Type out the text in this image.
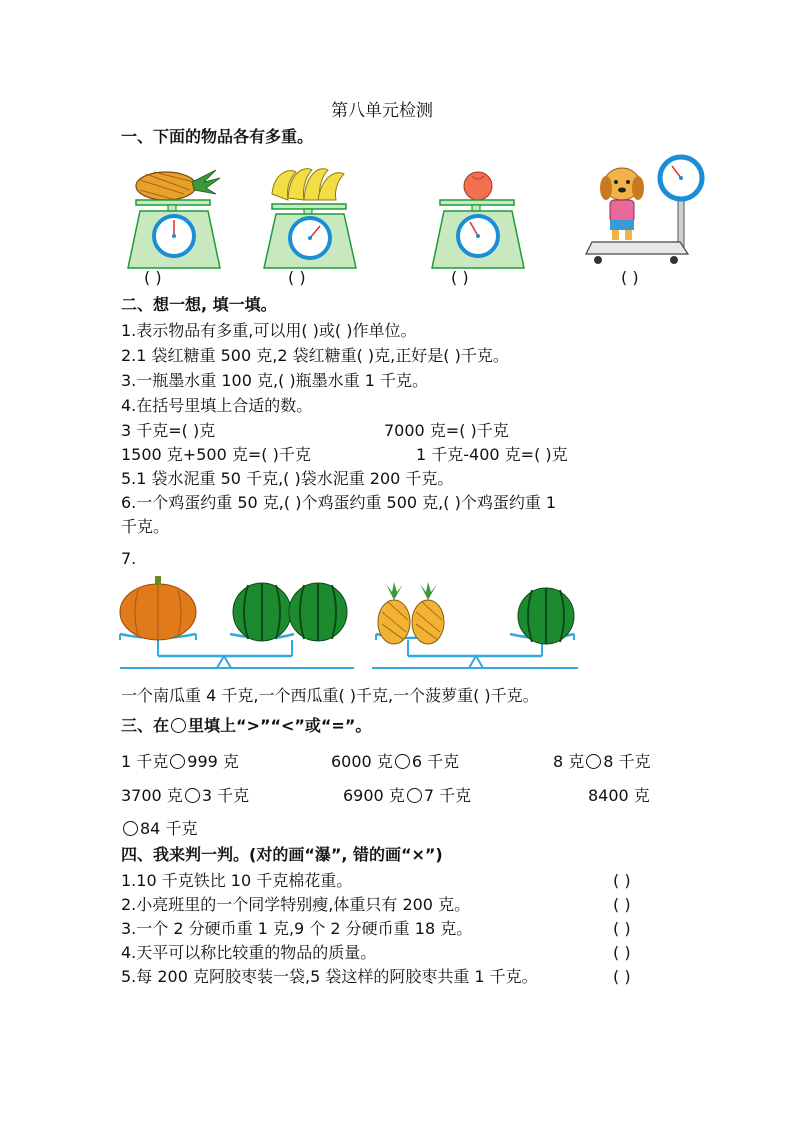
第八单元检测
一、下面的物品各有多重。
( )	( )	( )	( )
二、想一想, 填一填。
1.表示物品有多重,可以用( )或( )作单位。
2.1 袋红糖重 500 克,2 袋红糖重( )克,正好是( )千克。
3.一瓶墨水重 100 克,( )瓶墨水重 1 千克。
4.在括号里填上合适的数。
3 千克=( )克	7000 克=( )千克
1500 克+500 克=( )千克	1 千克-400 克=( )克
5.1 袋水泥重 50 千克,( )袋水泥重 200 千克。
6.一个鸡蛋约重 50 克,( )个鸡蛋约重 500 克,( )个鸡蛋约重 1
千克。
7.
一个南瓜重 4 千克,一个西瓜重( )千克,一个菠萝重( )千克。
三、在 里填上“>”“<”或“=”。
1 千克 999 克	6000 克 6 千克	8 克 8 千克
3700 克 3 千克	6900 克 7 千克	8400 克
84 千克
四、我来判一判。(对的画“瀑”, 错的画“×”)
1.10 千克铁比 10 千克棉花重。	( )
2.小亮班里的一个同学特别瘦,体重只有 200 克。	( )
3.一个 2 分硬币重 1 克,9 个 2 分硬币重 18 克。	( )
4.天平可以称比较重的物品的质量。	( )
5.每 200 克阿胶枣装一袋,5 袋这样的阿胶枣共重 1 千克。	( )
